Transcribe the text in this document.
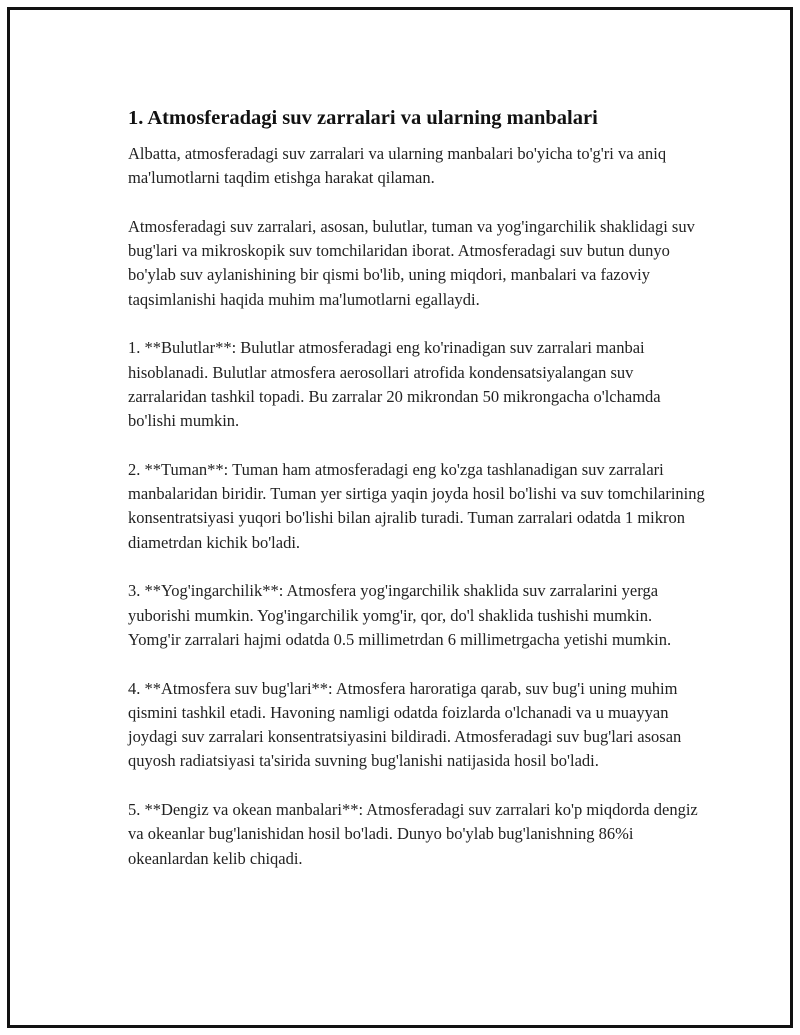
1. Atmosferadagi suv zarralari va ularning manbalari

Albatta, atmosferadagi suv zarralari va ularning manbalari bo'yicha to'g'ri va aniq ma'lumotlarni taqdim etishga harakat qilaman.

Atmosferadagi suv zarralari, asosan, bulutlar, tuman va yog'ingarchilik shaklidagi suv bug'lari va mikroskopik suv tomchilaridan iborat. Atmosferadagi suv butun dunyo bo'ylab suv aylanishining bir qismi bo'lib, uning miqdori, manbalari va fazoviy taqsimlanishi haqida muhim ma'lumotlarni egallaydi.

1. **Bulutlar**: Bulutlar atmosferadagi eng ko'rinadigan suv zarralari manbai hisoblanadi. Bulutlar atmosfera aerosollari atrofida kondensatsiyalangan suv zarralaridan tashkil topadi. Bu zarralar 20 mikrondan 50 mikrongacha o'lchamda bo'lishi mumkin.

2. **Tuman**: Tuman ham atmosferadagi eng ko'zga tashlanadigan suv zarralari manbalaridan biridir. Tuman yer sirtiga yaqin joyda hosil bo'lishi va suv tomchilarining konsentratsiyasi yuqori bo'lishi bilan ajralib turadi. Tuman zarralari odatda 1 mikron diametrdan kichik bo'ladi.

3. **Yog'ingarchilik**: Atmosfera yog'ingarchilik shaklida suv zarralarini yerga yuborishi mumkin. Yog'ingarchilik yomg'ir, qor, do'l shaklida tushishi mumkin. Yomg'ir zarralari hajmi odatda 0.5 millimetrdan 6 millimetrgacha yetishi mumkin.

4. **Atmosfera suv bug'lari**: Atmosfera haroratiga qarab, suv bug'i uning muhim qismini tashkil etadi. Havoning namligi odatda foizlarda o'lchanadi va u muayyan joydagi suv zarralari konsentratsiyasini bildiradi. Atmosferadagi suv bug'lari asosan quyosh radiatsiyasi ta'sirida suvning bug'lanishi natijasida hosil bo'ladi.

5. **Dengiz va okean manbalari**: Atmosferadagi suv zarralari ko'p miqdorda dengiz va okeanlar bug'lanishidan hosil bo'ladi. Dunyo bo'ylab bug'lanishning 86%i okeanlardan kelib chiqadi.
